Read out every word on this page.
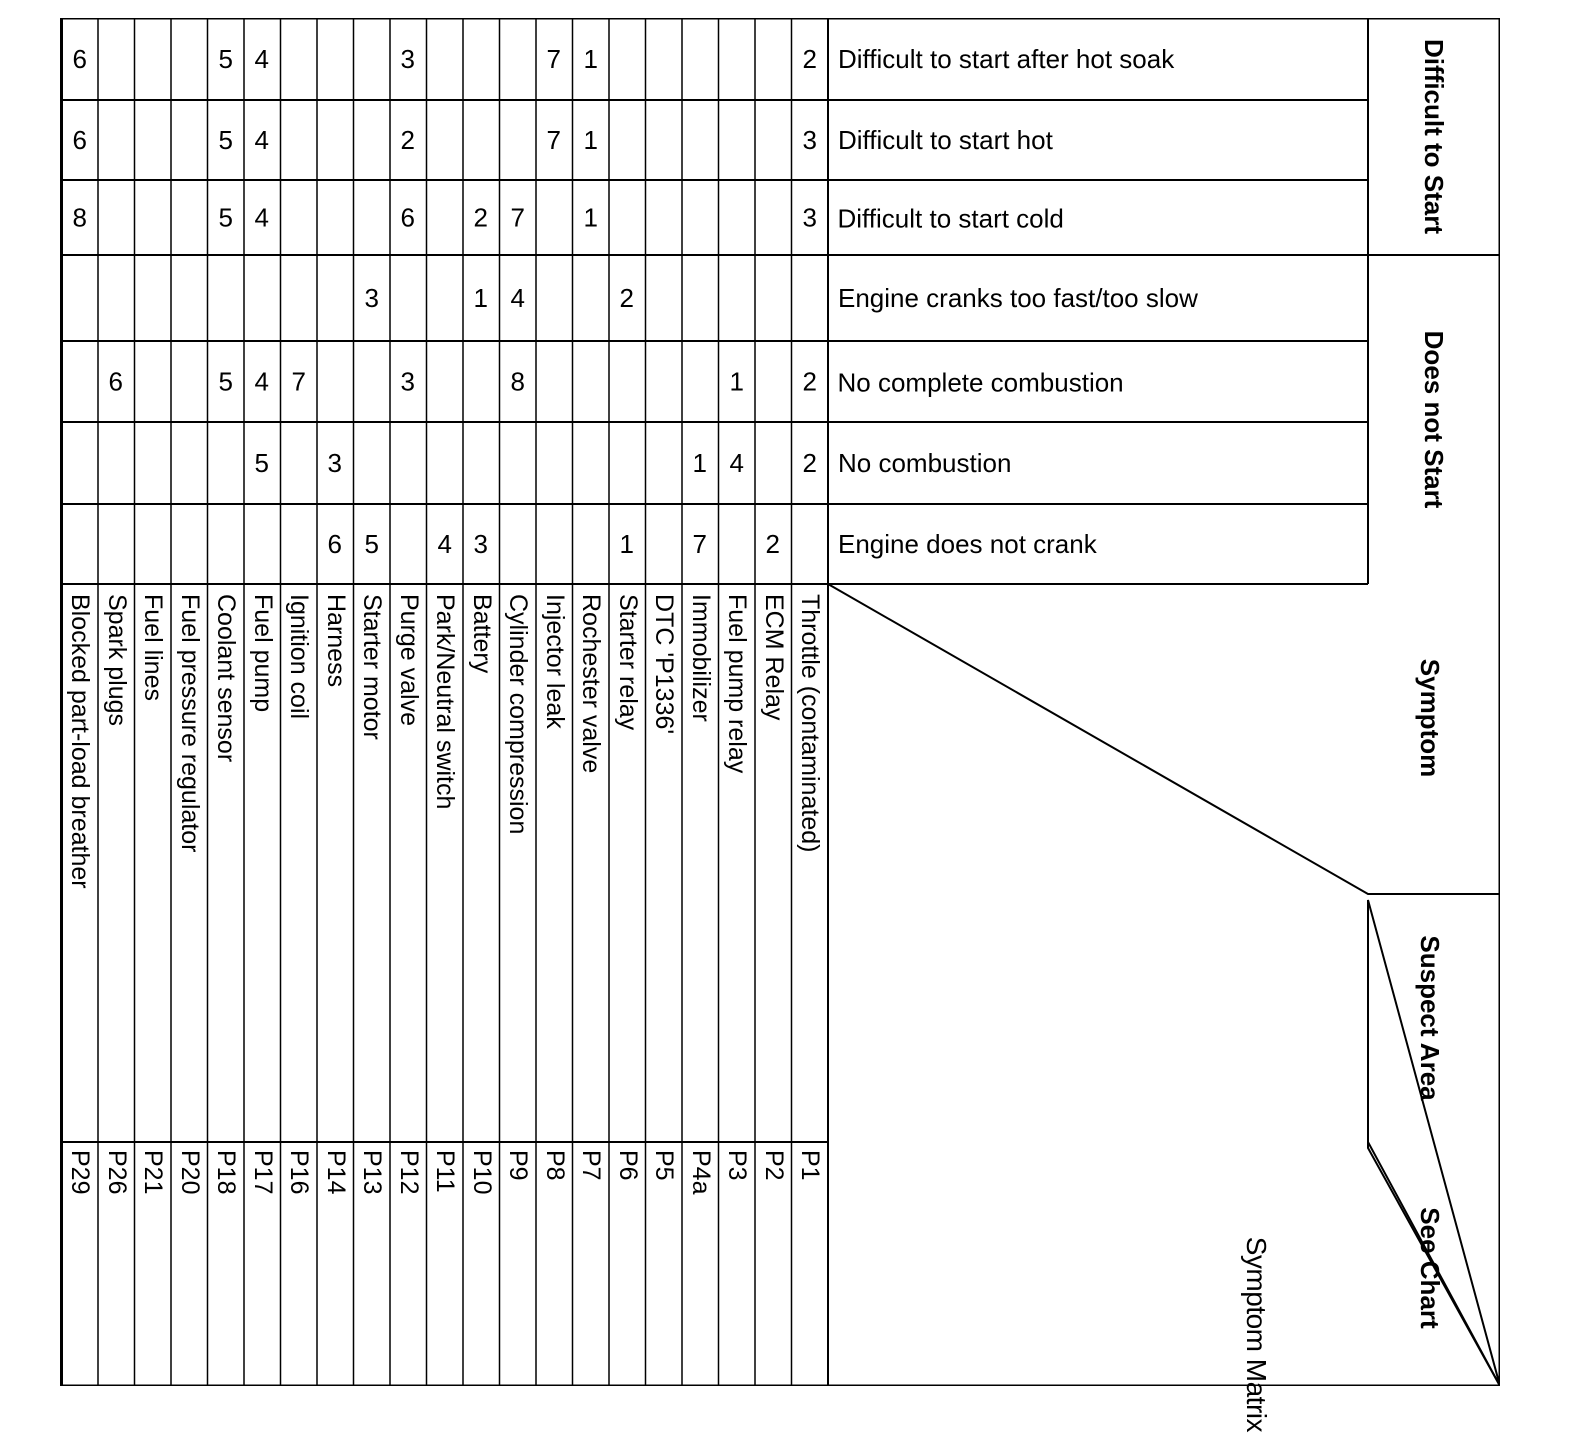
Symptom Matrix
Difficult to Start
Does not Start
Difficult to start after hot soak
Difficult to start hot
Difficult to start cold
Engine cranks too fast/too slow
No complete combustion
No combustion
Engine does not crank
Symptom
Suspect Area
See Chart
2
3
3
2
2
Throttle (contaminated)
P1
2
ECM Relay
P2
1
4
Fuel pump relay
P3
1
7
Immobilizer
P4a
DTC 'P1336'
P5
2
1
Starter relay
P6
1
1
1
Rochester valve
P7
7
7
Injector leak
P8
7
4
8
Cylinder compression
P9
2
1
3
Battery
P10
4
Park/Neutral switch
P11
3
2
6
3
Purge valve
P12
3
5
Starter motor
P13
3
6
Harness
P14
7
Ignition coil
P16
4
4
4
4
5
Fuel pump
P17
5
5
5
5
Coolant sensor
P18
Fuel pressure regulator
P20
Fuel lines
P21
6
Spark plugs
P26
6
6
8
Blocked part-load breather
P29
